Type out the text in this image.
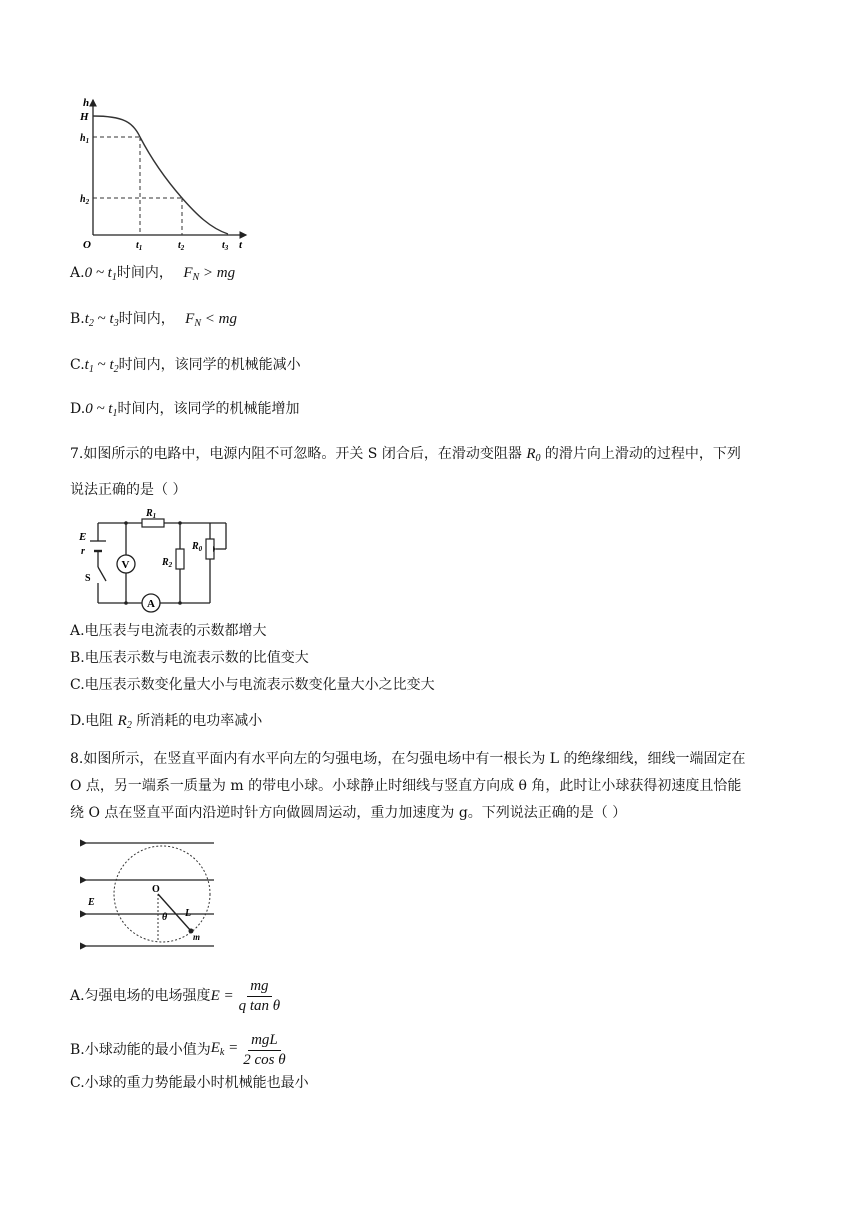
h
H
$h_1$
$h_2$
O	$t_1$	$t_2$	$t_3$ t
A.0 ~ $t_1$时间内， $F_N$ > mg
$B.t_2$ ~ $t_3$时间内， $F_N$ < mg
$C.t_1$ ~ $t_2$时间内，该同学的机械能减小
D.0 ~ $t_1$时间内，该同学的机械能增加
7.如图所示的电路中，电源内阻不可忽略。开关 S 闭合后，在滑动变阻器 $R_0$ 的滑片向上滑动的过程中，下列
说法正确的是（ ）
V
A
E
r
S
$R_1$
$R_2$
$R_0$
A.电压表与电流表的示数都增大
B.电压表示数与电流表示数的比值变大
C.电压表示数变化量大小与电流表示数变化量大小之比变大
D.电阻 $R_2$ 所消耗的电功率减小
8.如图所示，在竖直平面内有水平向左的匀强电场，在匀强电场中有一根长为 L 的绝缘细线，细线一端固定在
O 点，另一端系一质量为 m 的带电小球。小球静止时细线与竖直方向成 θ 角，此时让小球获得初速度且恰能
绕 O 点在竖直平面内沿逆时针方向做圆周运动，重力加速度为 g。下列说法正确的是（ ）
O
E
θ L
m
A.匀强电场的电场强度 $E = \frac{mg}{\text{q tan θ}}$
B.小球动能的最小值为 $E_k = \frac{\text{mgL}}{\text{2 cos θ}}$
C.小球的重力势能最小时机械能也最小
